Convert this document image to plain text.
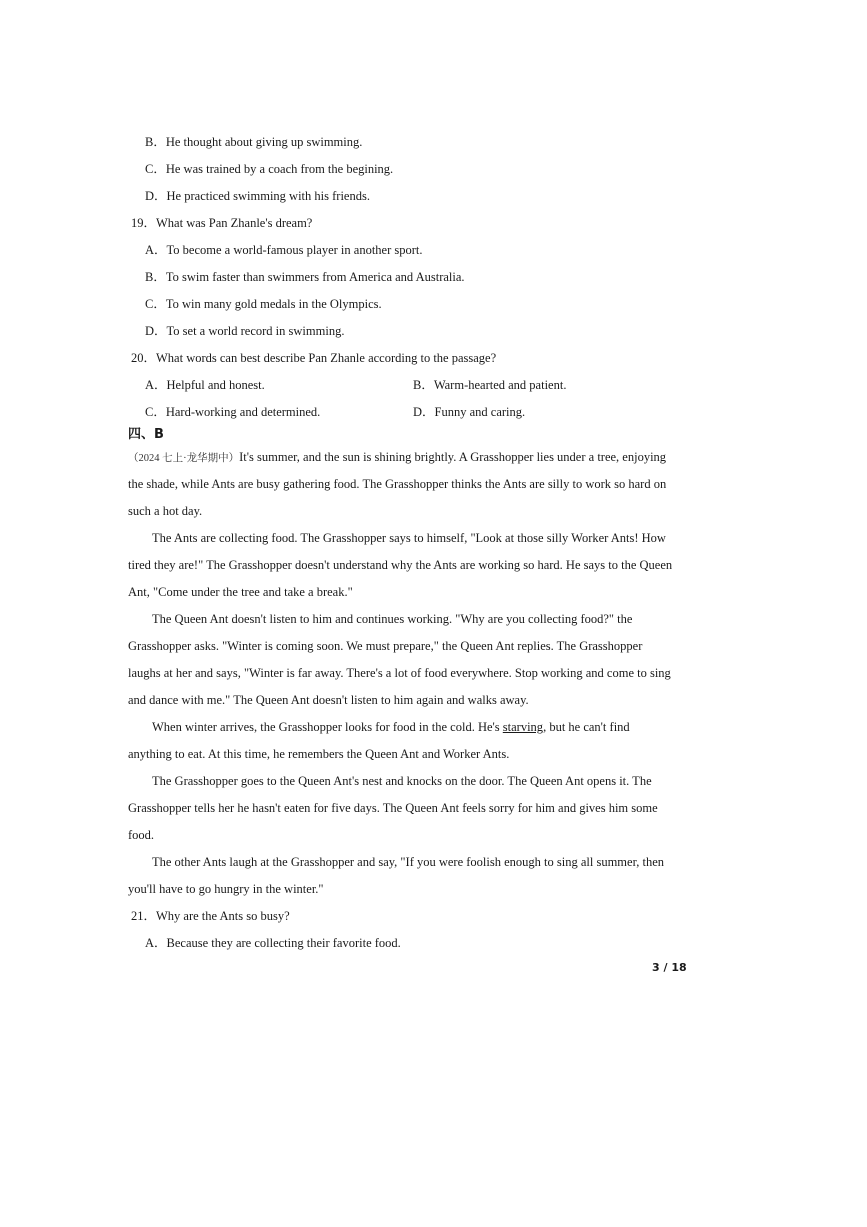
B．He thought about giving up swimming.
C．He was trained by a coach from the begining.
D．He practiced swimming with his friends.
19．What was Pan Zhanle's dream?
A．To become a world-famous player in another sport.
B．To swim faster than swimmers from America and Australia.
C．To win many gold medals in the Olympics.
D．To set a world record in swimming.
20．What words can best describe Pan Zhanle according to the passage?
A．Helpful and honest.	B．Warm-hearted and patient.
C．Hard-working and determined.	D．Funny and caring.
四、B
（2024 七上·龙华期中）It's summer, and the sun is shining brightly. A Grasshopper lies under a tree, enjoying
the shade, while Ants are busy gathering food. The Grasshopper thinks the Ants are silly to work so hard on
such a hot day.
The Ants are collecting food. The Grasshopper says to himself, "Look at those silly Worker Ants! How
tired they are!" The Grasshopper doesn't understand why the Ants are working so hard. He says to the Queen
Ant, "Come under the tree and take a break."
The Queen Ant doesn't listen to him and continues working. "Why are you collecting food?" the
Grasshopper asks. "Winter is coming soon. We must prepare," the Queen Ant replies. The Grasshopper
laughs at her and says, "Winter is far away. There's a lot of food everywhere. Stop working and come to sing
and dance with me." The Queen Ant doesn't listen to him again and walks away.
When winter arrives, the Grasshopper looks for food in the cold. He's starving, but he can't find
anything to eat. At this time, he remembers the Queen Ant and Worker Ants.
The Grasshopper goes to the Queen Ant's nest and knocks on the door. The Queen Ant opens it. The
Grasshopper tells her he hasn't eaten for five days. The Queen Ant feels sorry for him and gives him some
food.
The other Ants laugh at the Grasshopper and say, "If you were foolish enough to sing all summer, then
you'll have to go hungry in the winter."
21．Why are the Ants so busy?
A．Because they are collecting their favorite food.
3 / 18
